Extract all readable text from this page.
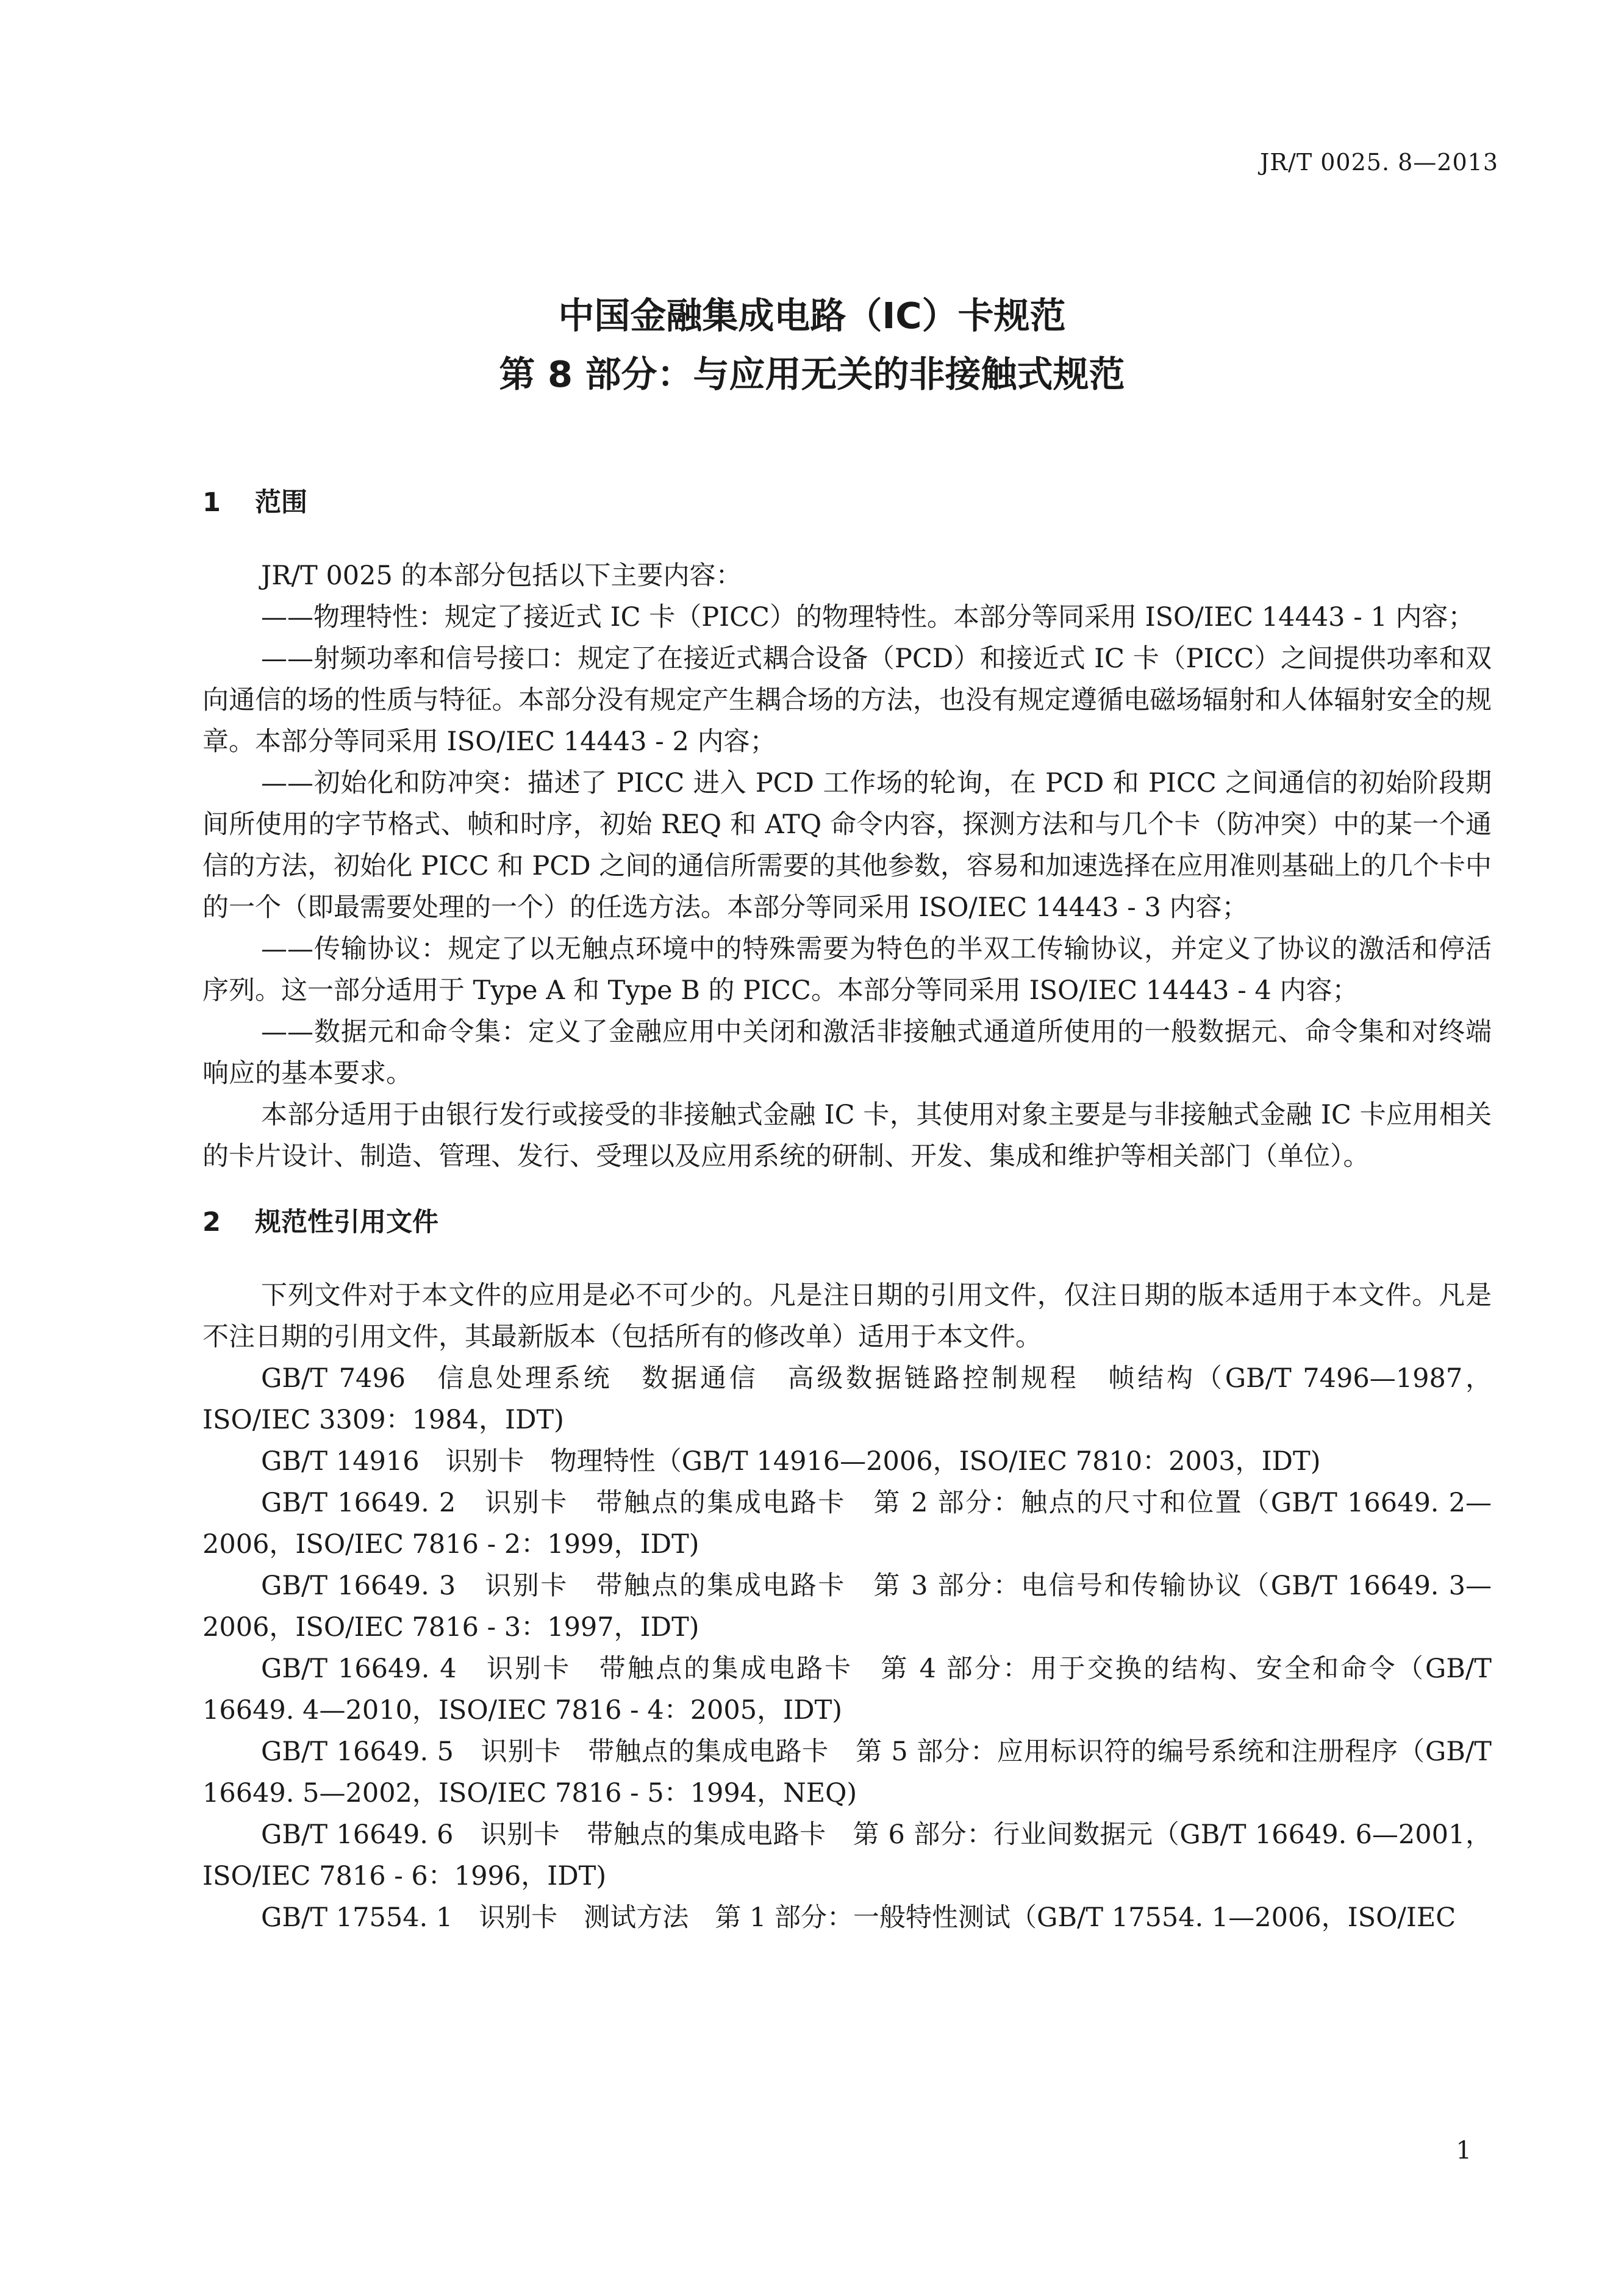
JR/T 0025. 8—2013
中国金融集成电路（IC）卡规范
第 8 部分：与应用无关的非接触式规范
1 范围

JR/T 0025 的本部分包括以下主要内容：

——物理特性：规定了接近式 IC 卡（PICC）的物理特性。本部分等同采用 ISO/IEC 14443 - 1 内容；

——射频功率和信号接口：规定了在接近式耦合设备（PCD）和接近式 IC 卡（PICC）之间提供功率和双向通信的场的性质与特征。本部分没有规定产生耦合场的方法，也没有规定遵循电磁场辐射和人体辐射安全的规章。本部分等同采用 ISO/IEC 14443 - 2 内容；

——初始化和防冲突：描述了 PICC 进入 PCD 工作场的轮询，在 PCD 和 PICC 之间通信的初始阶段期间所使用的字节格式、帧和时序，初始 REQ 和 ATQ 命令内容，探测方法和与几个卡（防冲突）中的某一个通信的方法，初始化 PICC 和 PCD 之间的通信所需要的其他参数，容易和加速选择在应用准则基础上的几个卡中的一个（即最需要处理的一个）的任选方法。本部分等同采用 ISO/IEC 14443 - 3 内容；

——传输协议：规定了以无触点环境中的特殊需要为特色的半双工传输协议，并定义了协议的激活和停活序列。这一部分适用于 Type A 和 Type B 的 PICC。本部分等同采用 ISO/IEC 14443 - 4 内容；

——数据元和命令集：定义了金融应用中关闭和激活非接触式通道所使用的一般数据元、命令集和对终端响应的基本要求。

本部分适用于由银行发行或接受的非接触式金融 IC 卡，其使用对象主要是与非接触式金融 IC 卡应用相关的卡片设计、制造、管理、发行、受理以及应用系统的研制、开发、集成和维护等相关部门（单位）。

2 规范性引用文件

下列文件对于本文件的应用是必不可少的。凡是注日期的引用文件，仅注日期的版本适用于本文件。凡是不注日期的引用文件，其最新版本（包括所有的修改单）适用于本文件。

GB/T 7496　信息处理系统　数据通信　高级数据链路控制规程　帧结构（GB/T 7496—1987，ISO/IEC 3309：1984，IDT)

GB/T 14916　识别卡　物理特性（GB/T 14916—2006，ISO/IEC 7810：2003，IDT)

GB/T 16649. 2　识别卡　带触点的集成电路卡　第 2 部分：触点的尺寸和位置（GB/T 16649. 2—2006，ISO/IEC 7816 - 2：1999，IDT)

GB/T 16649. 3　识别卡　带触点的集成电路卡　第 3 部分：电信号和传输协议（GB/T 16649. 3—2006，ISO/IEC 7816 - 3：1997，IDT)

GB/T 16649. 4　识别卡　带触点的集成电路卡　第 4 部分：用于交换的结构、安全和命令（GB/T 16649. 4—2010，ISO/IEC 7816 - 4：2005，IDT)

GB/T 16649. 5　识别卡　带触点的集成电路卡　第 5 部分：应用标识符的编号系统和注册程序（GB/T 16649. 5—2002，ISO/IEC 7816 - 5：1994，NEQ)

GB/T 16649. 6　识别卡　带触点的集成电路卡　第 6 部分：行业间数据元（GB/T 16649. 6—2001，ISO/IEC 7816 - 6：1996，IDT)

GB/T 17554. 1　识别卡　测试方法　第 1 部分：一般特性测试（GB/T 17554. 1—2006，ISO/IEC

1
